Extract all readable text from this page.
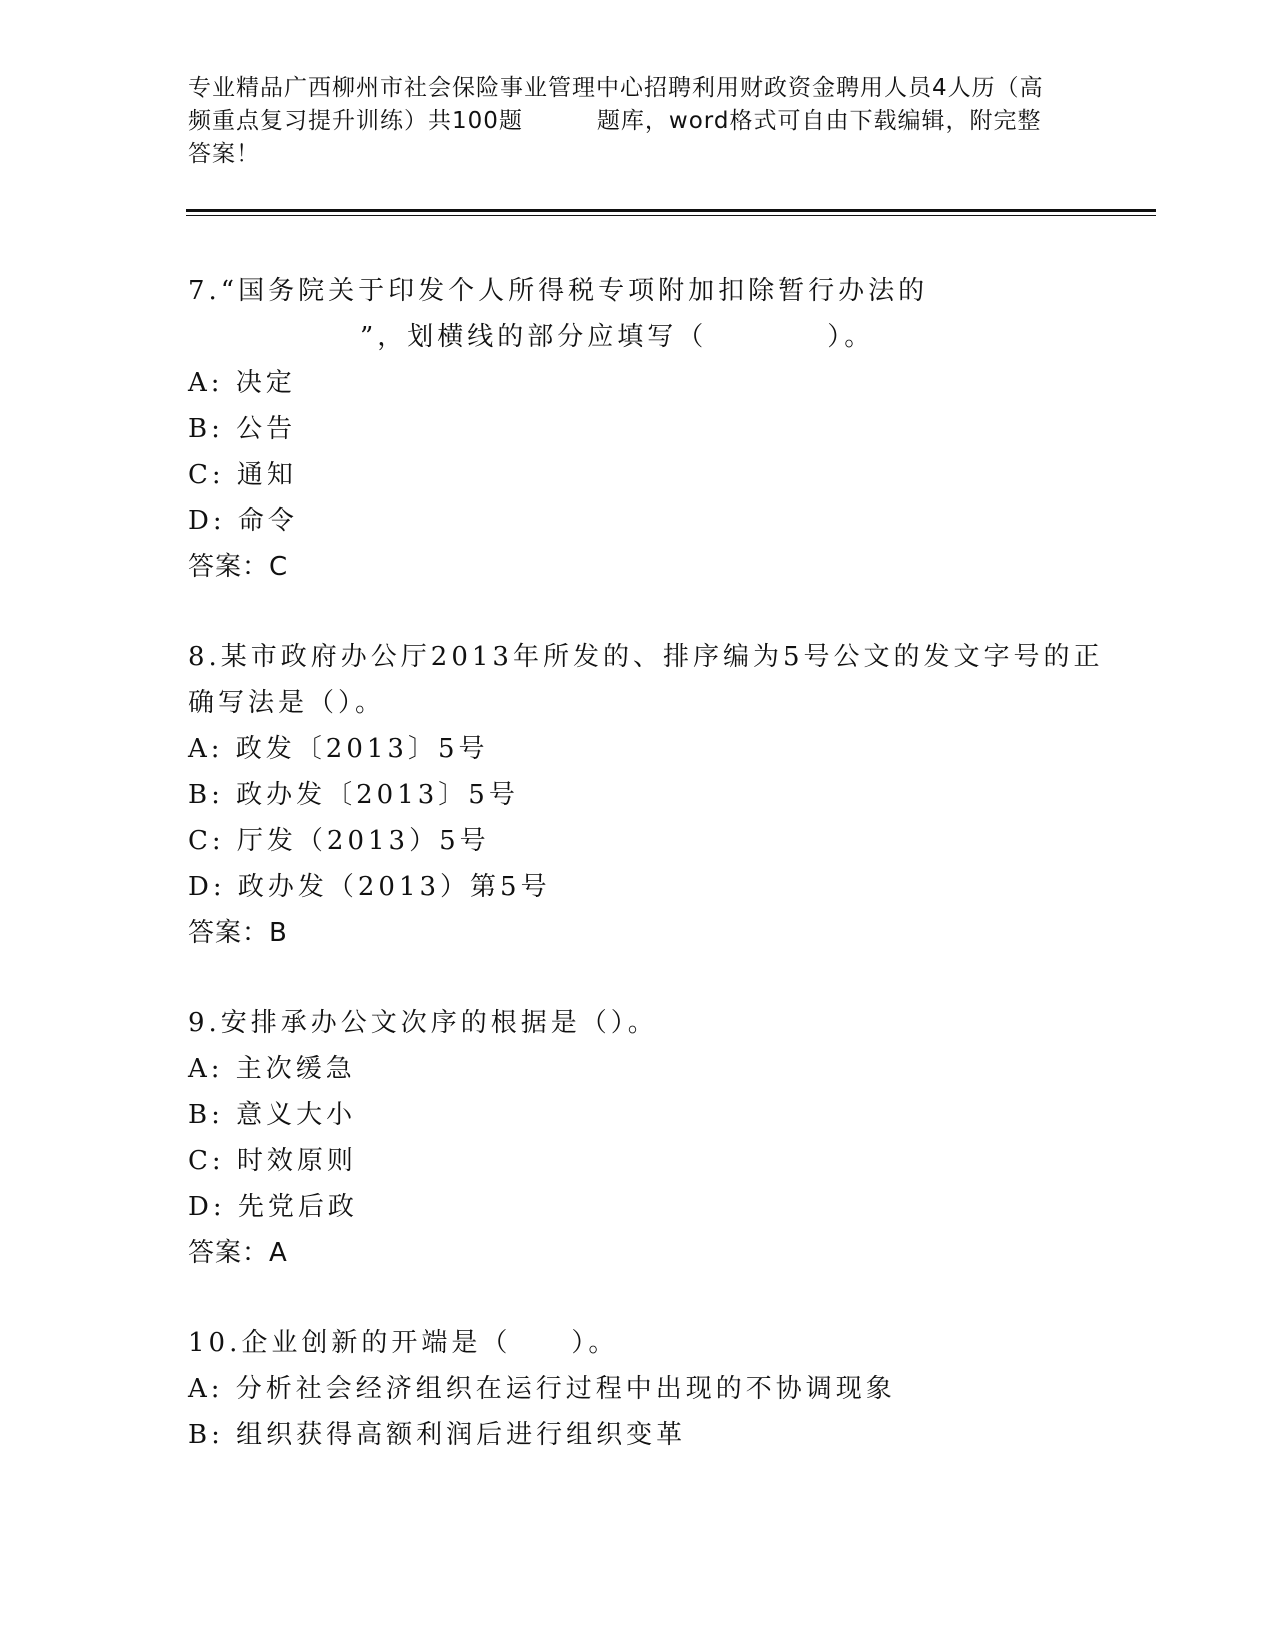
专业精品广西柳州市社会保险事业管理中心招聘利用财政资金聘用人员4人历（高
频重点复习提升训练）共100题	题库，word格式可自由下载编辑，附完整
答案！
7.“国务院关于印发个人所得税专项附加扣除暂行办法的
”，划横线的部分应填写（	）。
A: 决定
B: 公告
C: 通知
D: 命令
答案：C
8.某市政府办公厅2013年所发的、排序编为5号公文的发文字号的正
确写法是（）。
A: 政发〔2013〕5号
B: 政办发〔2013〕5号
C: 厅发（2013）5号
D: 政办发（2013）第5号
答案：B
9.安排承办公文次序的根据是（）。
A: 主次缓急
B: 意义大小
C: 时效原则
D: 先党后政
答案：A
10.企业创新的开端是（ ）。
A: 分析社会经济组织在运行过程中出现的不协调现象
B: 组织获得高额利润后进行组织变革
